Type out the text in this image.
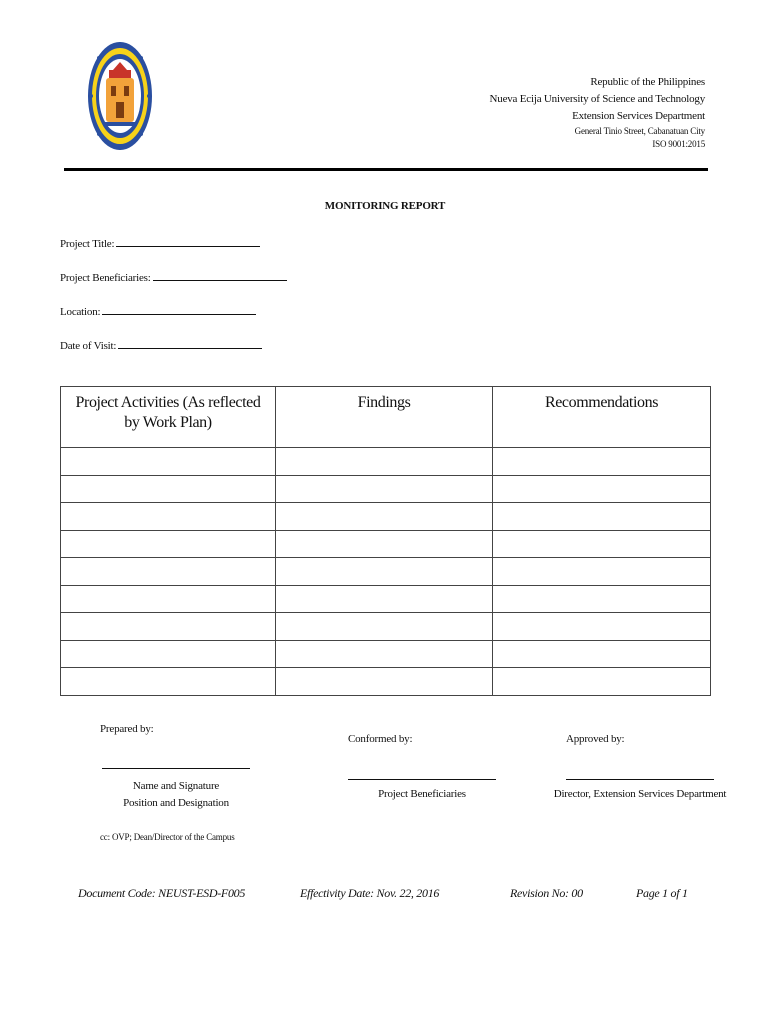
Republic of the Philippines
Nueva Ecija University of Science and Technology
Extension Services Department
General Tinio Street, Cabanatuan City
ISO 9001:2015
MONITORING REPORT
Project Title:
Project Beneficiaries:
Location:
Date of Visit:
Project Activities (As reflected
by Work Plan)	Findings	Recommendations

Prepared by:
Name and Signature
Position and Designation
Conformed by:
Project Beneficiaries
Approved by:
Director, Extension Services Department
cc: OVP; Dean/Director of the Campus
Document Code: NEUST-ESD-F005	Effectivity Date: Nov. 22, 2016	Revision No: 00	Page 1 of 1
